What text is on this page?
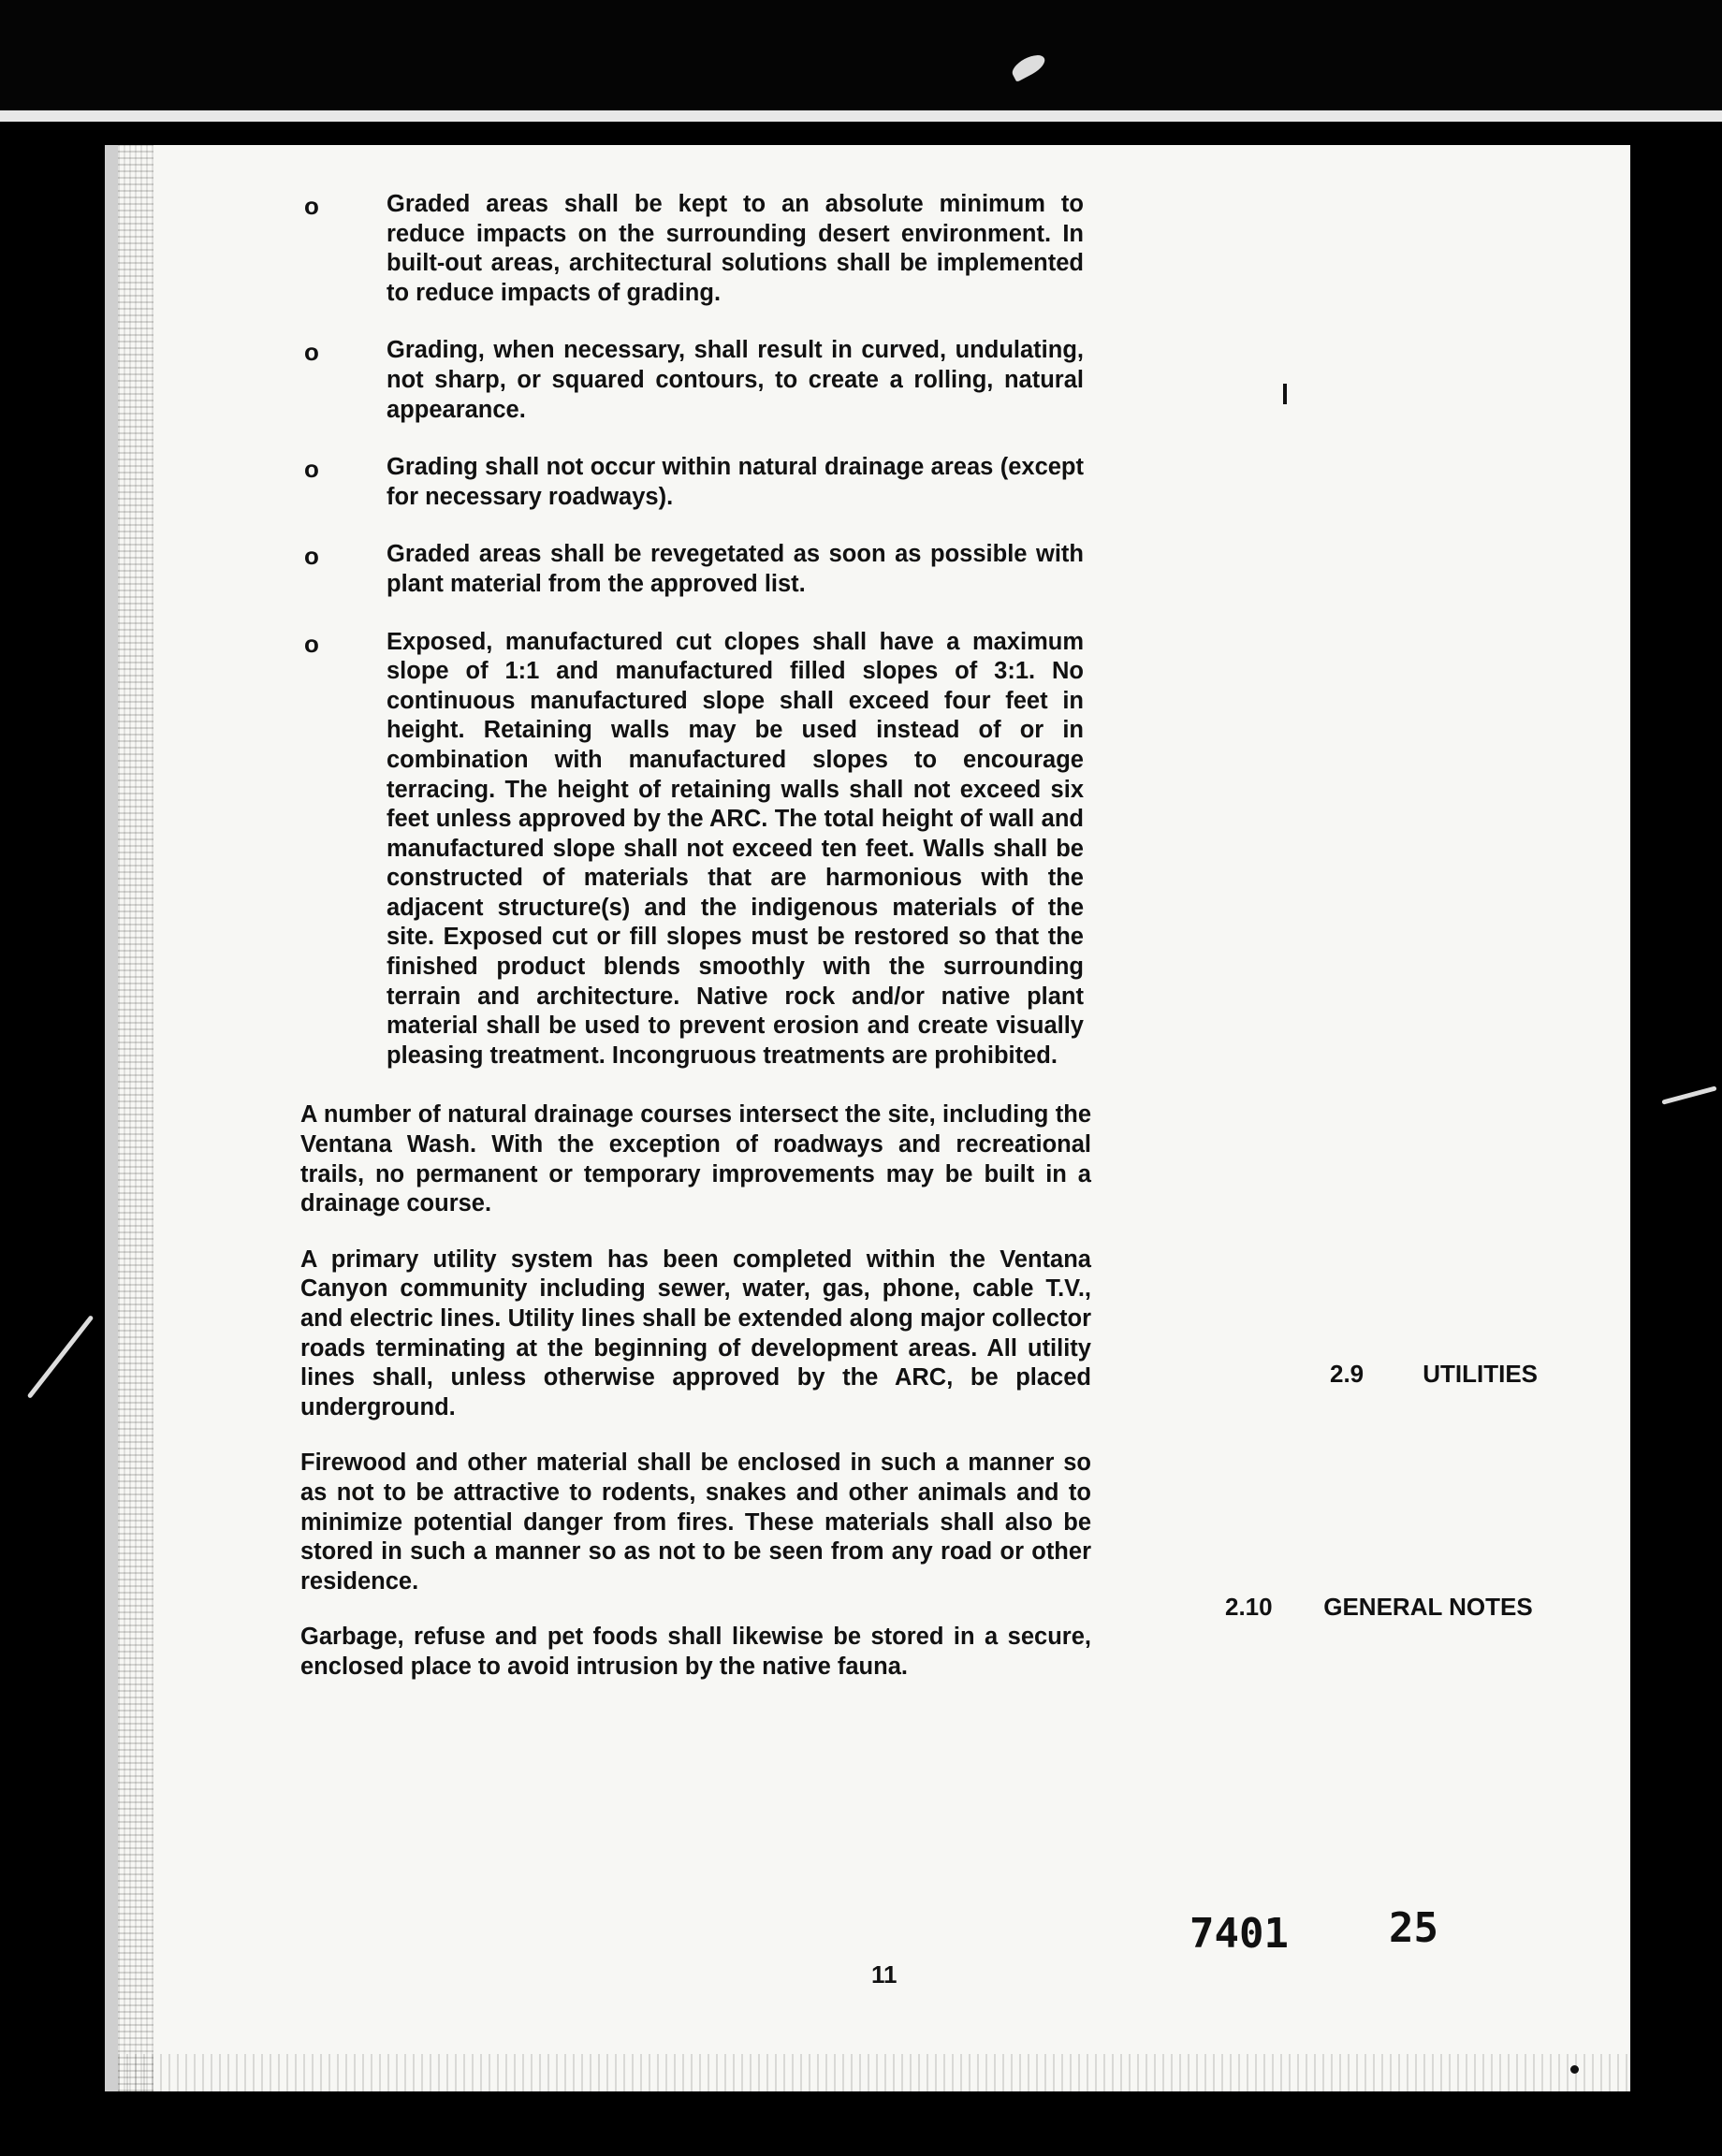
o	Graded areas shall be kept to an absolute minimum to reduce impacts on the surrounding desert environment. In built-out areas, architectural solutions shall be implemented to reduce impacts of grading.
o	Grading, when necessary, shall result in curved, undulating, not sharp, or squared contours, to create a rolling, natural appearance.
o	Grading shall not occur within natural drainage areas (except for necessary roadways).
o	Graded areas shall be revegetated as soon as possible with plant material from the approved list.
o	Exposed, manufactured cut clopes shall have a maximum slope of 1:1 and manufactured filled slopes of 3:1. No continuous manufactured slope shall exceed four feet in height. Retaining walls may be used instead of or in combination with manufactured slopes to encourage terracing. The height of retaining walls shall not exceed six feet unless approved by the ARC. The total height of wall and manufactured slope shall not exceed ten feet. Walls shall be constructed of materials that are harmonious with the adjacent structure(s) and the indigenous materials of the site. Exposed cut or fill slopes must be restored so that the finished product blends smoothly with the surrounding terrain and architecture. Native rock and/or native plant material shall be used to prevent erosion and create visually pleasing treatment. Incongruous treatments are prohibited.

A number of natural drainage courses intersect the site, including the Ventana Wash. With the exception of roadways and recreational trails, no permanent or temporary improvements may be built in a drainage course.

A primary utility system has been completed within the Ventana Canyon community including sewer, water, gas, phone, cable T.V., and electric lines. Utility lines shall be extended along major collector roads terminating at the beginning of development areas. All utility lines shall, unless otherwise approved by the ARC, be placed underground.

Firewood and other material shall be enclosed in such a manner so as not to be attractive to rodents, snakes and other animals and to minimize potential danger from fires. These materials shall also be stored in such a manner so as not to be seen from any road or other residence.

Garbage, refuse and pet foods shall likewise be stored in a secure, enclosed place to avoid intrusion by the native fauna.

2.9 UTILITIES
2.10 GENERAL NOTES
11
7401 25
